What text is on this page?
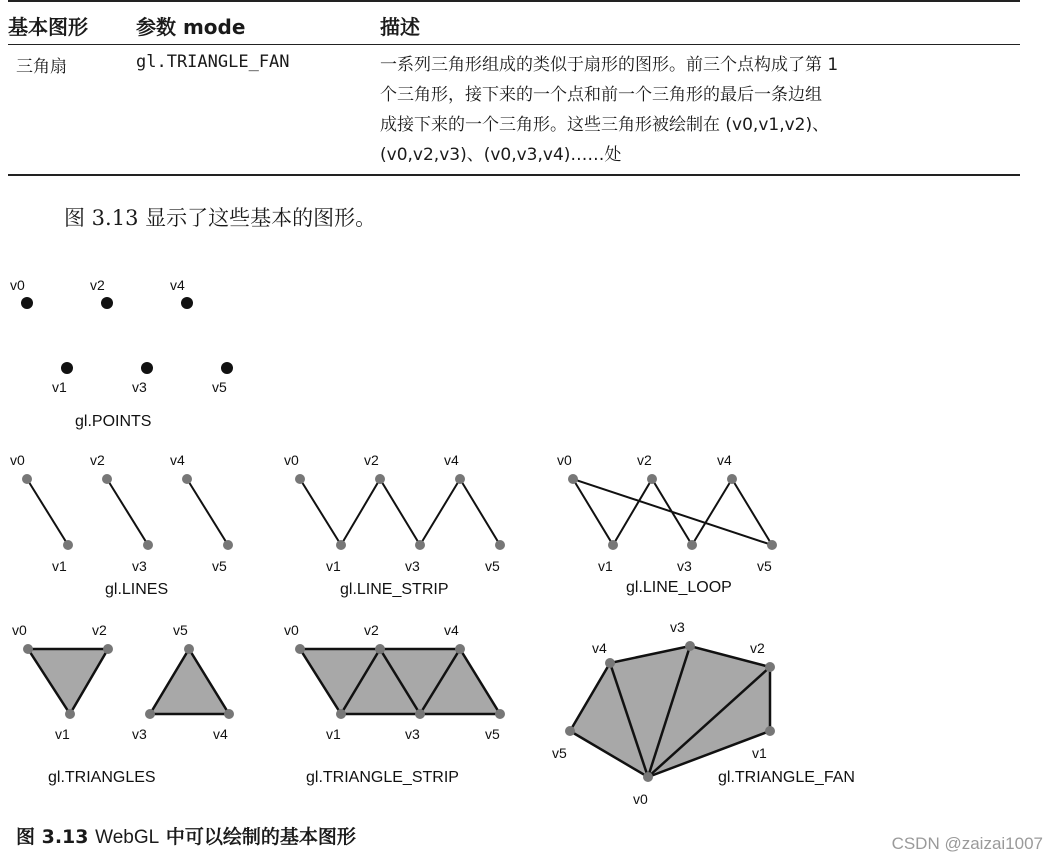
基本图形 参数 mode	描述
三角扇	gl.TRIANGLE_FAN	一系列三角形组成的类似于扇形的图形。前三个点构成了第 1
个三角形，接下来的一个点和前一个三角形的最后一条边组
成接下来的一个三角形。这些三角形被绘制在 (v0,v1,v2)、
(v0,v2,v3)、(v0,v3,v4)……处
图 3.13 显示了这些基本的图形。
v0	v2	v4
v1	v3	v5
gl.POINTS
v0	v2	v4
v1	v3	v5
gl.LINES
v0	v2	v4
v1	v3	v5
gl.LINE_STRIP
v0	v2	v4
v1	v3	v5
gl.LINE_LOOP
v0	v2	v5
v1	v3	v4
gl.TRIANGLES
v0	v2	v4
v1	v3	v5
gl.TRIANGLE_STRIP
v3
v4	v2
v5	v1
v0
gl.TRIANGLE_FAN
图 3.13 WebGL 中可以绘制的基本图形	CSDN @zaizai1007
